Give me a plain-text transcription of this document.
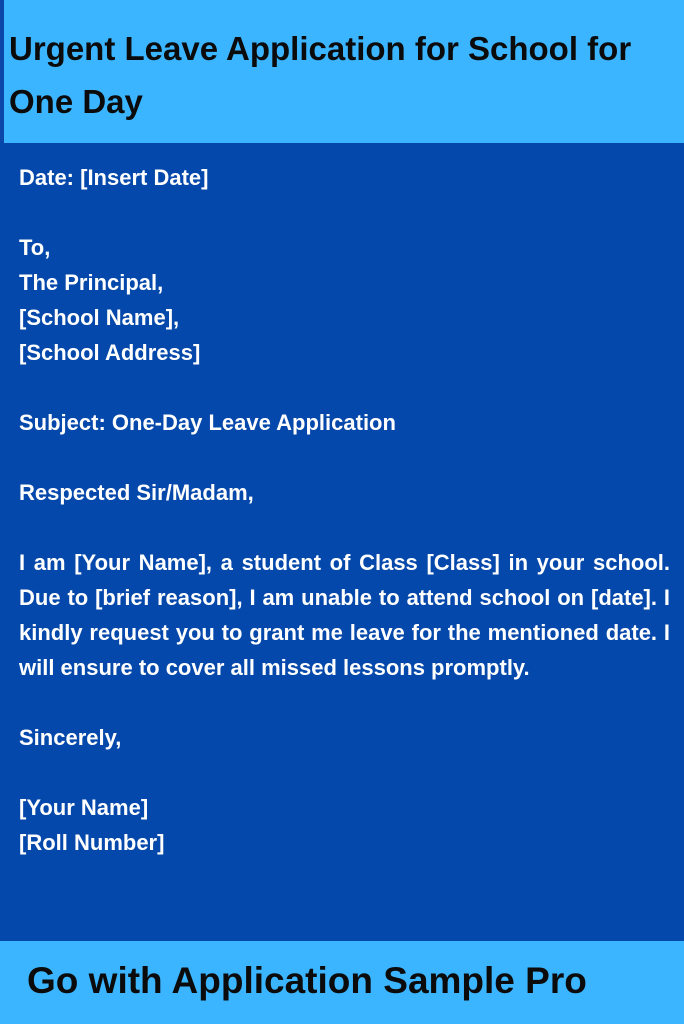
Urgent Leave Application for School for One Day
Date: [Insert Date]
To,
The Principal,
[School Name],
[School Address]
Subject: One-Day Leave Application
Respected Sir/Madam,
I am [Your Name], a student of Class [Class] in your school. Due to [brief reason], I am unable to attend school on [date]. I kindly request you to grant me leave for the mentioned date. I will ensure to cover all missed lessons promptly.
Sincerely,
[Your Name]
[Roll Number]
Go with Application Sample Pro
